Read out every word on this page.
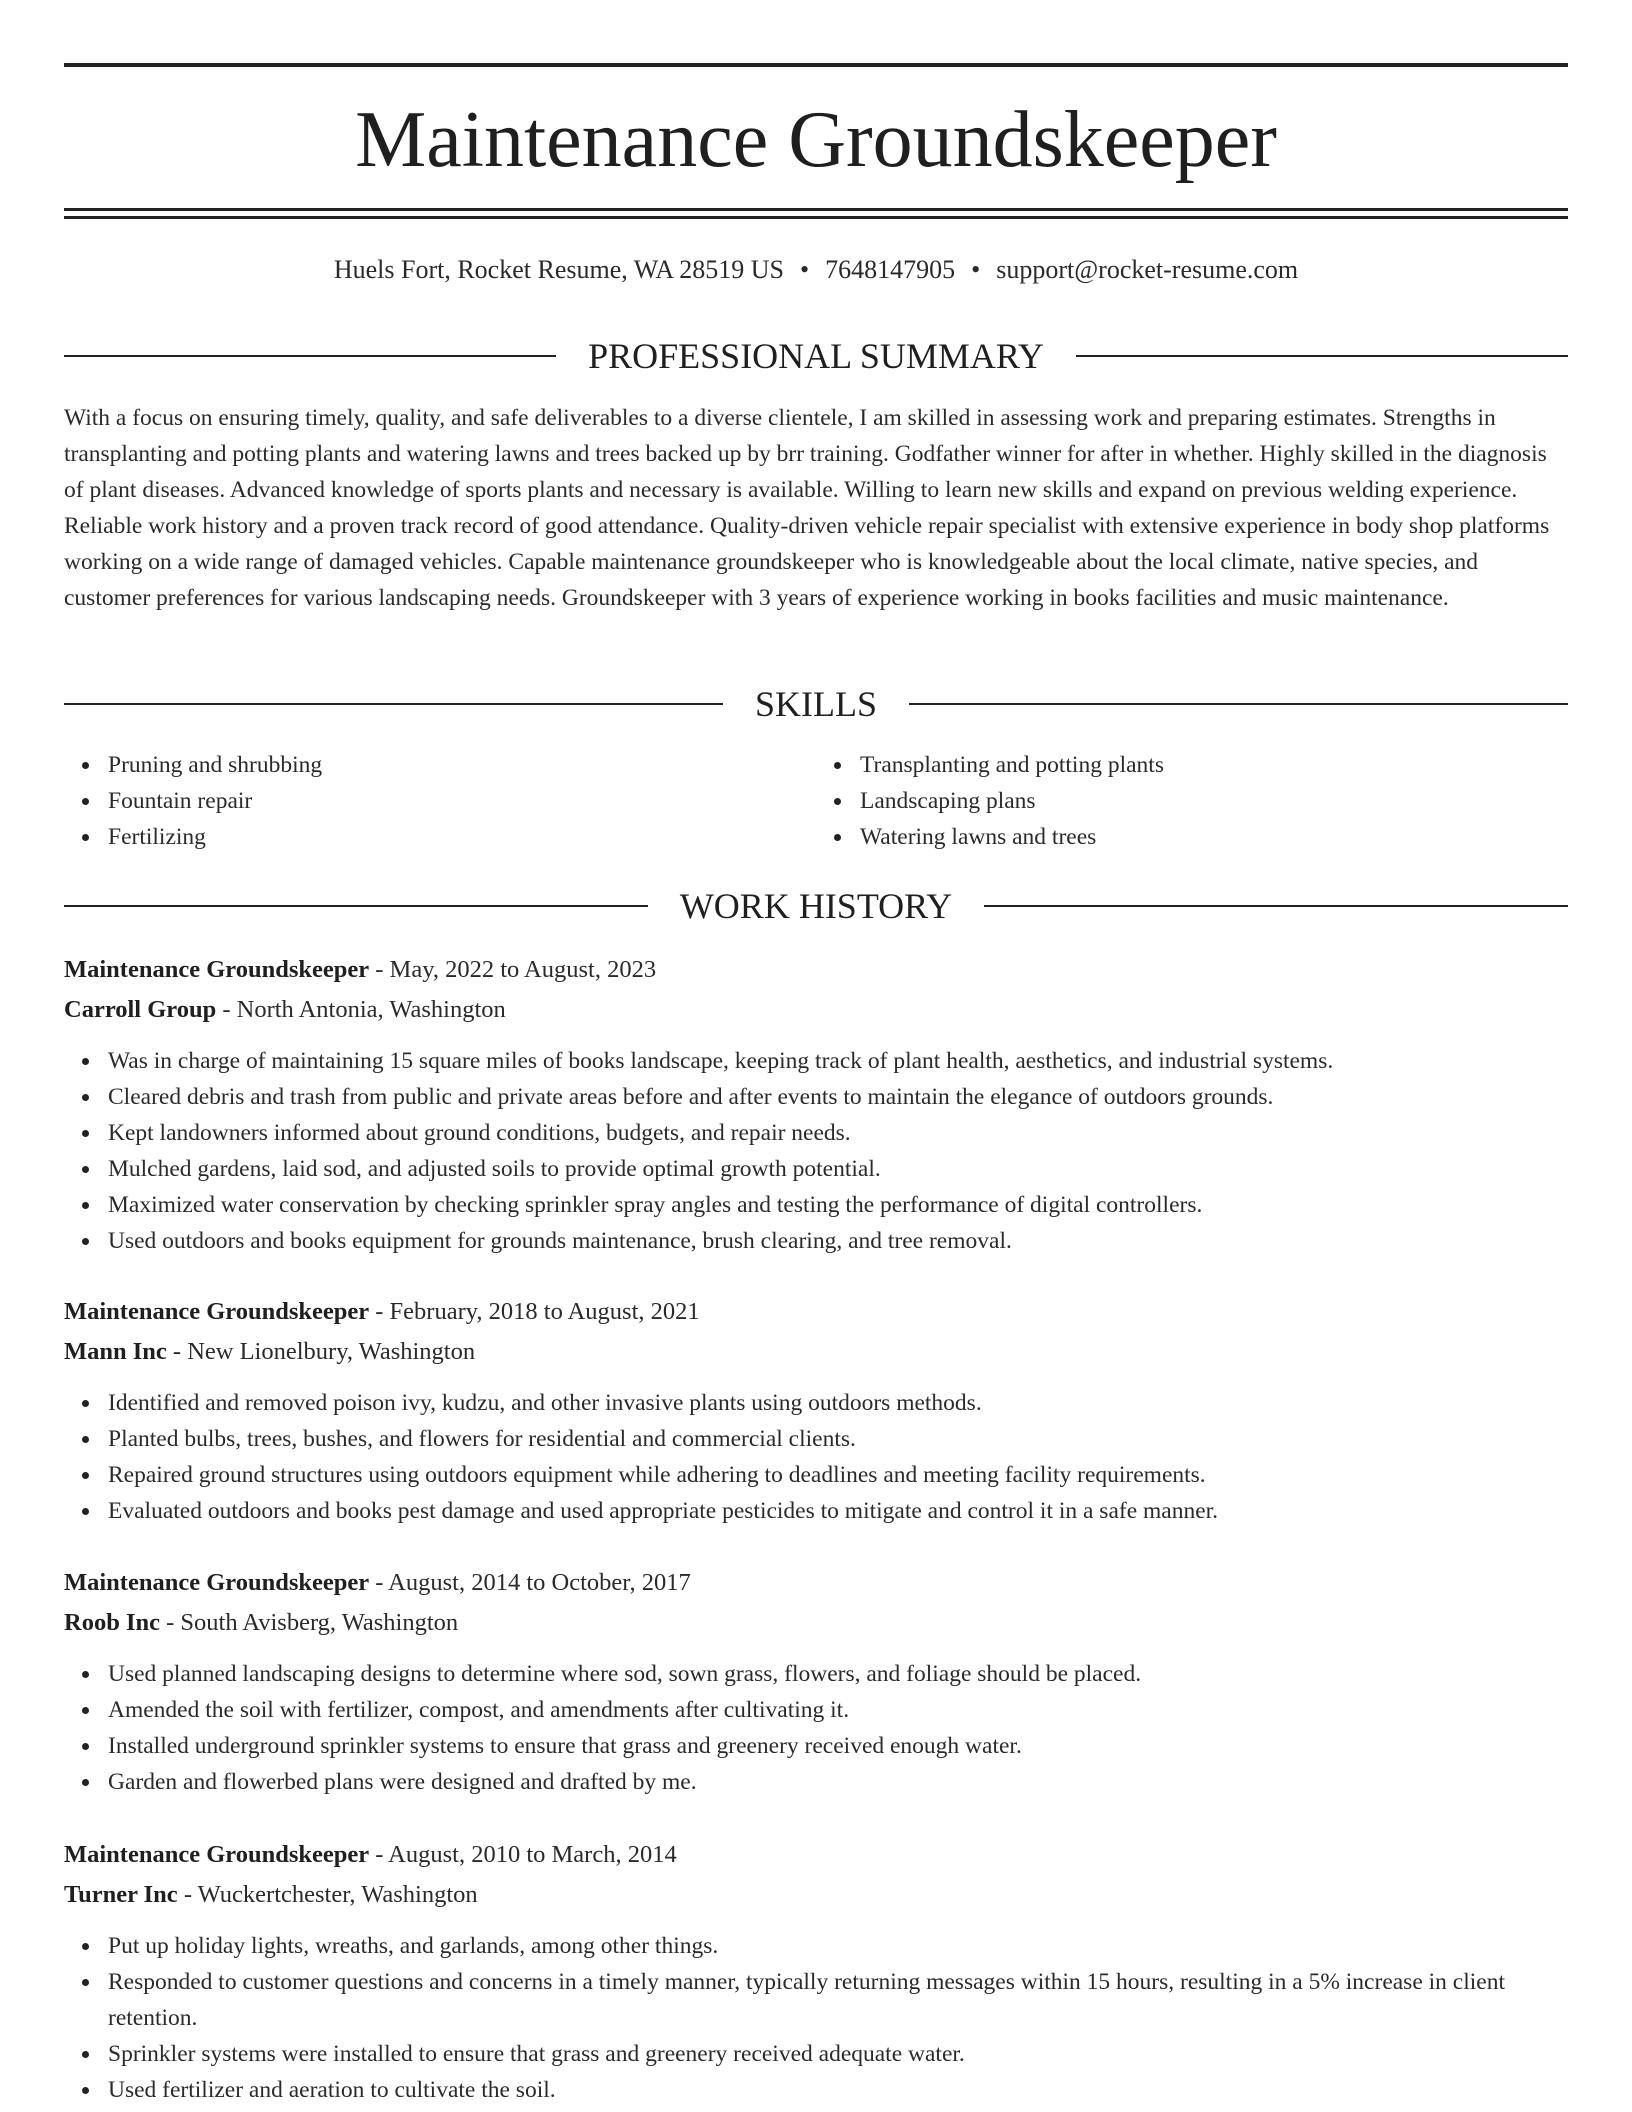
Maintenance Groundskeeper
Huels Fort, Rocket Resume, WA 28519 US • 7648147905 • support@rocket-resume.com
PROFESSIONAL SUMMARY

With a focus on ensuring timely, quality, and safe deliverables to a diverse clientele, I am skilled in assessing work and preparing estimates. Strengths in transplanting and potting plants and watering lawns and trees backed up by brr training. Godfather winner for after in whether. Highly skilled in the diagnosis of plant diseases. Advanced knowledge of sports plants and necessary is available. Willing to learn new skills and expand on previous welding experience. Reliable work history and a proven track record of good attendance. Quality-driven vehicle repair specialist with extensive experience in body shop platforms working on a wide range of damaged vehicles. Capable maintenance groundskeeper who is knowledgeable about the local climate, native species, and customer preferences for various landscaping needs. Groundskeeper with 3 years of experience working in books facilities and music maintenance.

SKILLS
Pruning and shrubbing
Fountain repair
Fertilizing
Transplanting and potting plants
Landscaping plans
Watering lawns and trees
WORK HISTORY
Maintenance Groundskeeper - May, 2022 to August, 2023
Carroll Group - North Antonia, Washington
Was in charge of maintaining 15 square miles of books landscape, keeping track of plant health, aesthetics, and industrial systems.
Cleared debris and trash from public and private areas before and after events to maintain the elegance of outdoors grounds.
Kept landowners informed about ground conditions, budgets, and repair needs.
Mulched gardens, laid sod, and adjusted soils to provide optimal growth potential.
Maximized water conservation by checking sprinkler spray angles and testing the performance of digital controllers.
Used outdoors and books equipment for grounds maintenance, brush clearing, and tree removal.
Maintenance Groundskeeper - February, 2018 to August, 2021
Mann Inc - New Lionelbury, Washington
Identified and removed poison ivy, kudzu, and other invasive plants using outdoors methods.
Planted bulbs, trees, bushes, and flowers for residential and commercial clients.
Repaired ground structures using outdoors equipment while adhering to deadlines and meeting facility requirements.
Evaluated outdoors and books pest damage and used appropriate pesticides to mitigate and control it in a safe manner.
Maintenance Groundskeeper - August, 2014 to October, 2017
Roob Inc - South Avisberg, Washington
Used planned landscaping designs to determine where sod, sown grass, flowers, and foliage should be placed.
Amended the soil with fertilizer, compost, and amendments after cultivating it.
Installed underground sprinkler systems to ensure that grass and greenery received enough water.
Garden and flowerbed plans were designed and drafted by me.
Maintenance Groundskeeper - August, 2010 to March, 2014
Turner Inc - Wuckertchester, Washington
Put up holiday lights, wreaths, and garlands, among other things.
Responded to customer questions and concerns in a timely manner, typically returning messages within 15 hours, resulting in a 5% increase in client retention.
Sprinkler systems were installed to ensure that grass and greenery received adequate water.
Used fertilizer and aeration to cultivate the soil.
